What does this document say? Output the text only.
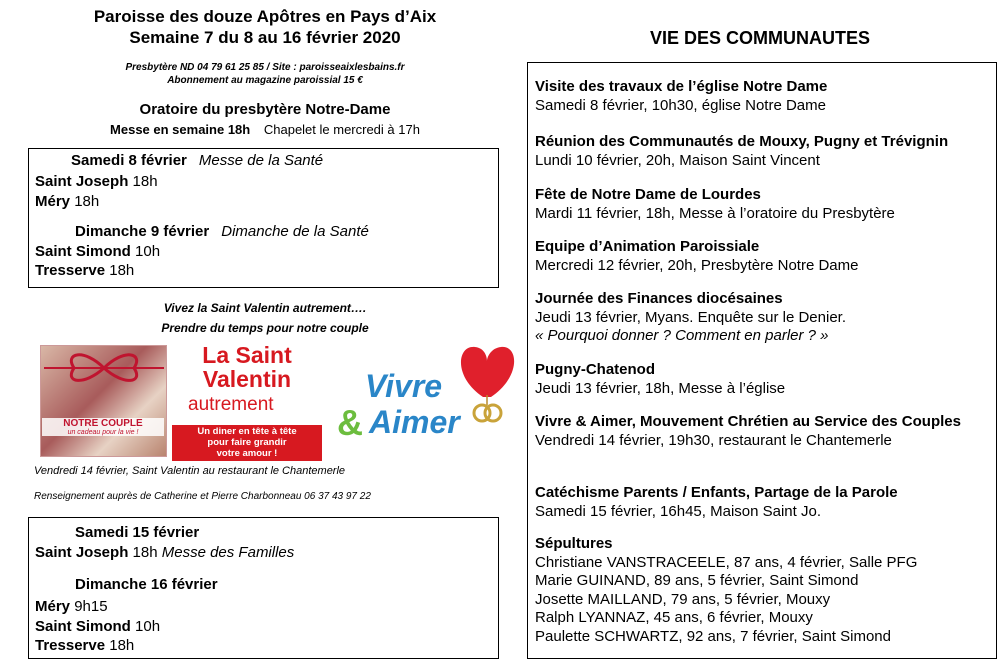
Paroisse des douze Apôtres en Pays d’Aix
Semaine 7 du 8 au 16 février 2020
Presbytère ND 04 79 61 25 85 / Site : paroisseaixlesbains.fr
Abonnement au magazine paroissial 15 €
Oratoire du presbytère Notre-Dame
Messe en semaine 18h Chapelet le mercredi à 17h
Samedi 8 février Messe de la Santé
Saint Joseph 18h
Méry 18h
Dimanche 9 février Dimanche de la Santé
Saint Simond 10h
Tresserve 18h
Vivez la Saint Valentin autrement….
Prendre du temps pour notre couple
NOTRE COUPLE
un cadeau pour la vie !
La Saint
Valentin
autrement
Un diner en tête à tête
pour faire grandir
votre amour !
Vivre
& Aimer
Vendredi 14 février, Saint Valentin au restaurant le Chantemerle
Renseignement auprès de Catherine et Pierre Charbonneau 06 37 43 97 22
Samedi 15 février
Saint Joseph 18h Messe des Familles
Dimanche 16 février
Méry 9h15
Saint Simond 10h
Tresserve 18h
VIE DES COMMUNAUTES
Visite des travaux de l’église Notre Dame
Samedi 8 février, 10h30, église Notre Dame
Réunion des Communautés de Mouxy, Pugny et Trévignin
Lundi 10 février, 20h, Maison Saint Vincent
Fête de Notre Dame de Lourdes
Mardi 11 février, 18h, Messe à l’oratoire du Presbytère
Equipe d’Animation Paroissiale
Mercredi 12 février, 20h, Presbytère Notre Dame
Journée des Finances diocésaines
Jeudi 13 février, Myans. Enquête sur le Denier.
« Pourquoi donner ? Comment en parler ? »
Pugny-Chatenod
Jeudi 13 février, 18h, Messe à l’église
Vivre & Aimer, Mouvement Chrétien au Service des Couples
Vendredi 14 février, 19h30, restaurant le Chantemerle
Catéchisme Parents / Enfants, Partage de la Parole
Samedi 15 février, 16h45, Maison Saint Jo.
Sépultures
Christiane VANSTRACEELE, 87 ans, 4 février, Salle PFG
Marie GUINAND, 89 ans, 5 février, Saint Simond
Josette MAILLAND, 79 ans, 5 février, Mouxy
Ralph LYANNAZ, 45 ans, 6 février, Mouxy
Paulette SCHWARTZ, 92 ans, 7 février, Saint Simond
